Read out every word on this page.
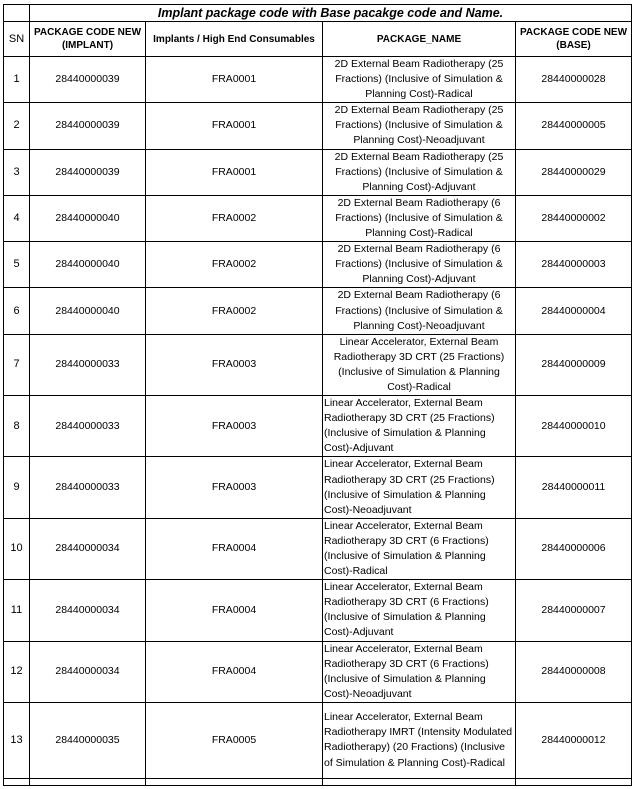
	Implant package code with Base pacakge code and Name.			
SN	PACKAGE CODE NEW (IMPLANT)	Implants / High End Consumables	PACKAGE_NAME	PACKAGE CODE NEW (BASE)
1	28440000039	FRA0001	2D External Beam Radiotherapy (25 Fractions) (Inclusive of Simulation & Planning Cost)-Radical	28440000028
2	28440000039	FRA0001	2D External Beam Radiotherapy (25 Fractions) (Inclusive of Simulation & Planning Cost)-Neoadjuvant	28440000005
3	28440000039	FRA0001	2D External Beam Radiotherapy (25 Fractions) (Inclusive of Simulation & Planning Cost)-Adjuvant	28440000029
4	28440000040	FRA0002	2D External Beam Radiotherapy (6 Fractions) (Inclusive of Simulation & Planning Cost)-Radical	28440000002
5	28440000040	FRA0002	2D External Beam Radiotherapy (6 Fractions) (Inclusive of Simulation & Planning Cost)-Adjuvant	28440000003
6	28440000040	FRA0002	2D External Beam Radiotherapy (6 Fractions) (Inclusive of Simulation & Planning Cost)-Neoadjuvant	28440000004
7	28440000033	FRA0003	Linear Accelerator, External Beam Radiotherapy 3D CRT (25 Fractions) (Inclusive of Simulation & Planning Cost)-Radical	28440000009
8	28440000033	FRA0003	Linear Accelerator, External Beam Radiotherapy 3D CRT (25 Fractions) (Inclusive of Simulation & Planning Cost)-Adjuvant	28440000010
9	28440000033	FRA0003	Linear Accelerator, External Beam Radiotherapy 3D CRT (25 Fractions) (Inclusive of Simulation & Planning Cost)-Neoadjuvant	28440000011
10	28440000034	FRA0004	Linear Accelerator, External Beam Radiotherapy 3D CRT (6 Fractions) (Inclusive of Simulation & Planning Cost)-Radical	28440000006
11	28440000034	FRA0004	Linear Accelerator, External Beam Radiotherapy 3D CRT (6 Fractions) (Inclusive of Simulation & Planning Cost)-Adjuvant	28440000007
12	28440000034	FRA0004	Linear Accelerator, External Beam Radiotherapy 3D CRT (6 Fractions) (Inclusive of Simulation & Planning Cost)-Neoadjuvant	28440000008
13	28440000035	FRA0005	Linear Accelerator, External Beam Radiotherapy IMRT (Intensity Modulated Radiotherapy) (20 Fractions) (Inclusive of Simulation & Planning Cost)-Radical	28440000012
